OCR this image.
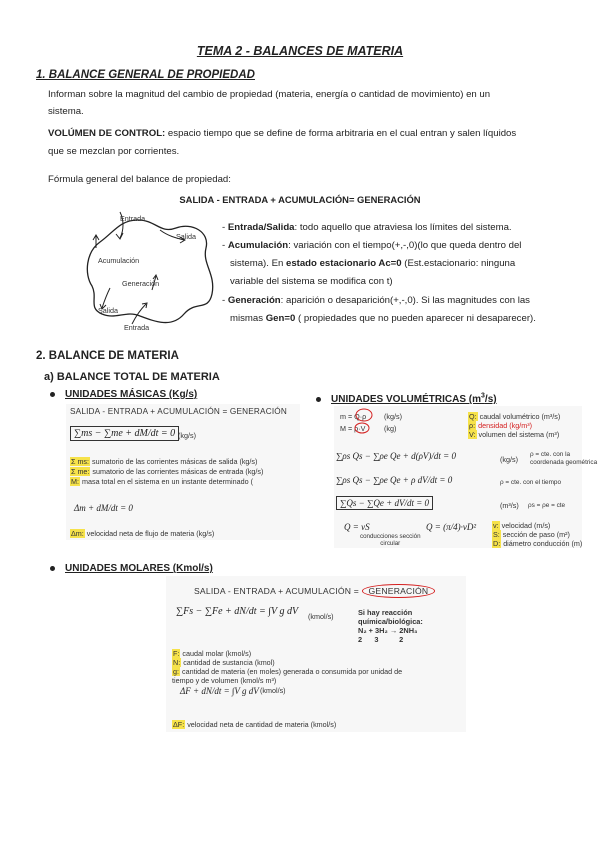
TEMA 2 - BALANCES DE MATERIA
1. BALANCE GENERAL DE PROPIEDAD
Informan sobre la magnitud del cambio de propiedad (materia, energía o cantidad de movimiento) en un
sistema.
VOLÚMEN DE CONTROL: espacio tiempo que se define de forma arbitraria en el cual entran y salen líquidos
que se mezclan por corrientes.
Fórmula general del balance de propiedad:
SALIDA - ENTRADA + ACUMULACIÓN= GENERACIÓN
Entrada
Salida
Acumulación
Generación
Salida
Entrada
- Entrada/Salida: todo aquello que atraviesa los límites del sistema.
- Acumulación: variación con el tiempo(+,-,0)(lo que queda dentro del
sistema). En estado estacionario Ac=0 (Est.estacionario: ninguna
variable del sistema se modifica con t)
- Generación: aparición o desaparición(+,-,0). Si las magnitudes con las
mismas Gen=0 ( propiedades que no pueden aparecer ni desaparecer).
2. BALANCE DE MATERIA
a) BALANCE TOTAL DE MATERIA
UNIDADES MÁSICAS (Kg/s)
SALIDA - ENTRADA + ACUMULACIÓN = GENERACIÓN
∑ms − ∑me + dM/dt = 0 (kg/s)
Σ ms: sumatorio de las corrientes másicas de salida (kg/s)
Σ me: sumatorio de las corrientes másicas de entrada (kg/s)
M: masa total en el sistema en un instante determinado (
Δm + dM/dt = 0
Δm: velocidad neta de flujo de materia (kg/s)
UNIDADES VOLUMÉTRICAS $(m^3/s)$
m = Q·ρ (kg/s)
M = ρ·V	(kg)
Q: caudal volumétrico (m³/s)
ρ: densidad (kg/m³)
V: volumen del sistema (m³)
∑ρs Qs − ∑ρe Qe + d(ρV)/dt = 0	(kg/s)
ρ = cte. con la
coordenada geométrica
∑ρs Qs − ∑ρe Qe + ρ dV/dt = 0	ρ = cte. con el tiempo
∑Qs − ∑Qe + dV/dt = 0	(m³/s) ρs = ρe = cte
Q = vS	Q = (π/4)·vD²
conducciones sección
circular
v: velocidad (m/s)
S: sección de paso (m²)
D: diámetro conducción (m)
UNIDADES MOLARES (Kmol/s)
SALIDA - ENTRADA + ACUMULACIÓN = GENERACIÓN
∑Fs − ∑Fe + dN/dt = ∫V g dV (kmol/s)	Si hay reacción
química/biológica:
N₂ + 3H₂ → 2NH₃
2      3          2
F: caudal molar (kmol/s)
N: cantidad de sustancia (kmol)
g: cantidad de materia (en moles) generada o consumida por unidad de
tiempo y de volumen (kmol/s m³)
ΔF + dN/dt = ∫V g dV (kmol/s)
ΔF: velocidad neta de cantidad de materia (kmol/s)
